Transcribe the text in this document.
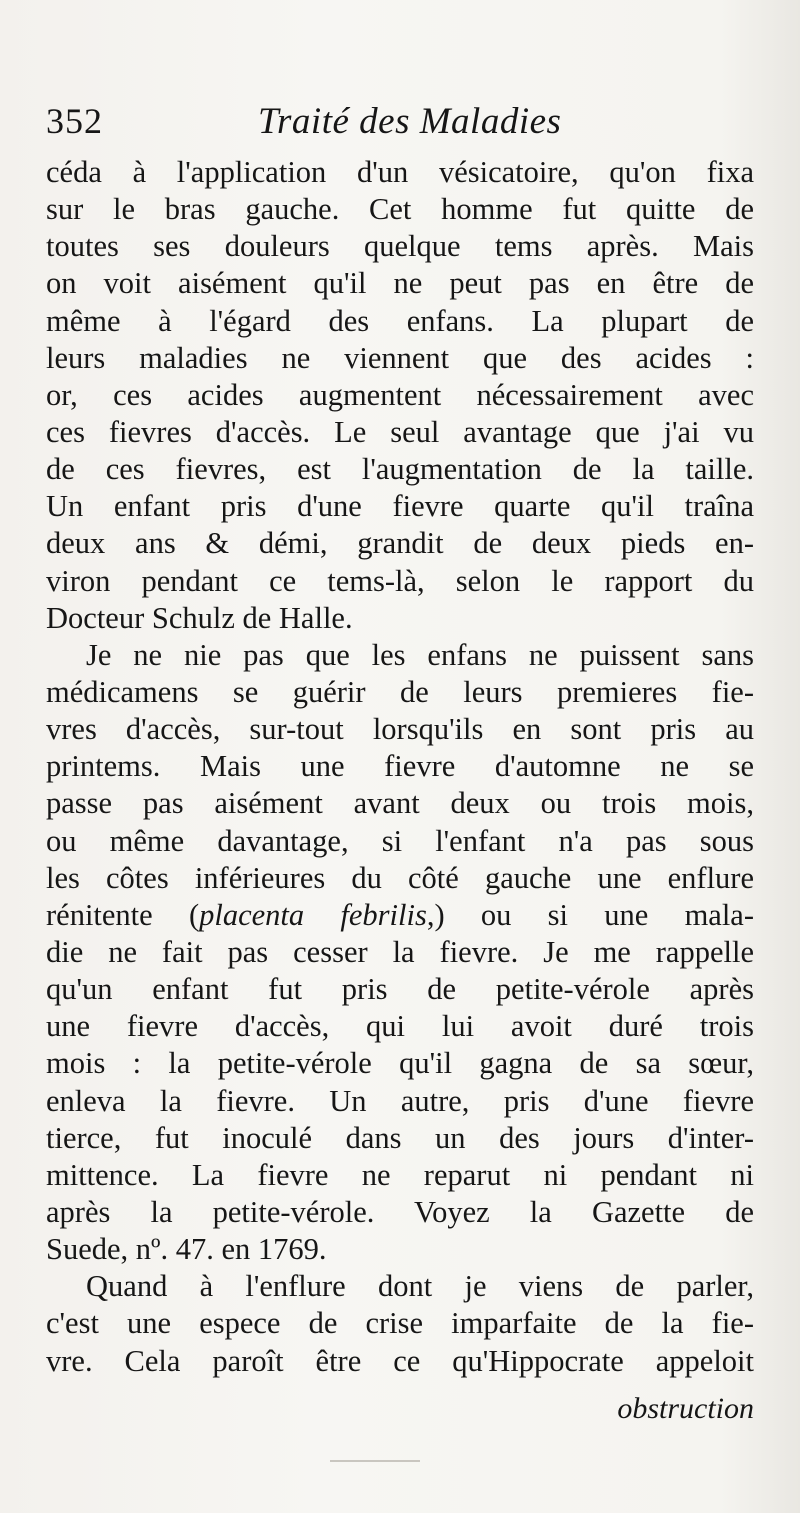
352	Traité des Maladies
céda à l'application d'un vésicatoire, qu'on fixa
sur le bras gauche. Cet homme fut quitte de
toutes ses douleurs quelque tems après. Mais
on voit aisément qu'il ne peut pas en être de
même à l'égard des enfans. La plupart de
leurs maladies ne viennent que des acides :
or, ces acides augmentent nécessairement avec
ces fievres d'accès. Le seul avantage que j'ai vu
de ces fievres, est l'augmentation de la taille.
Un enfant pris d'une fievre quarte qu'il traîna
deux ans & démi, grandit de deux pieds en-
viron pendant ce tems-là, selon le rapport du
Docteur Schulz de Halle.
Je ne nie pas que les enfans ne puissent sans
médicamens se guérir de leurs premieres fie-
vres d'accès, sur-tout lorsqu'ils en sont pris au
printems. Mais une fievre d'automne ne se
passe pas aisément avant deux ou trois mois,
ou même davantage, si l'enfant n'a pas sous
les côtes inférieures du côté gauche une enflure
rénitente (placenta febrilis,) ou si une mala-
die ne fait pas cesser la fievre. Je me rappelle
qu'un enfant fut pris de petite-vérole après
une fievre d'accès, qui lui avoit duré trois
mois : la petite-vérole qu'il gagna de sa sœur,
enleva la fievre. Un autre, pris d'une fievre
tierce, fut inoculé dans un des jours d'inter-
mittence. La fievre ne reparut ni pendant ni
après la petite-vérole. Voyez la Gazette de
Suede, nº. 47. en 1769.
Quand à l'enflure dont je viens de parler,
c'est une espece de crise imparfaite de la fie-
vre. Cela paroît être ce qu'Hippocrate appeloit
obstruction
